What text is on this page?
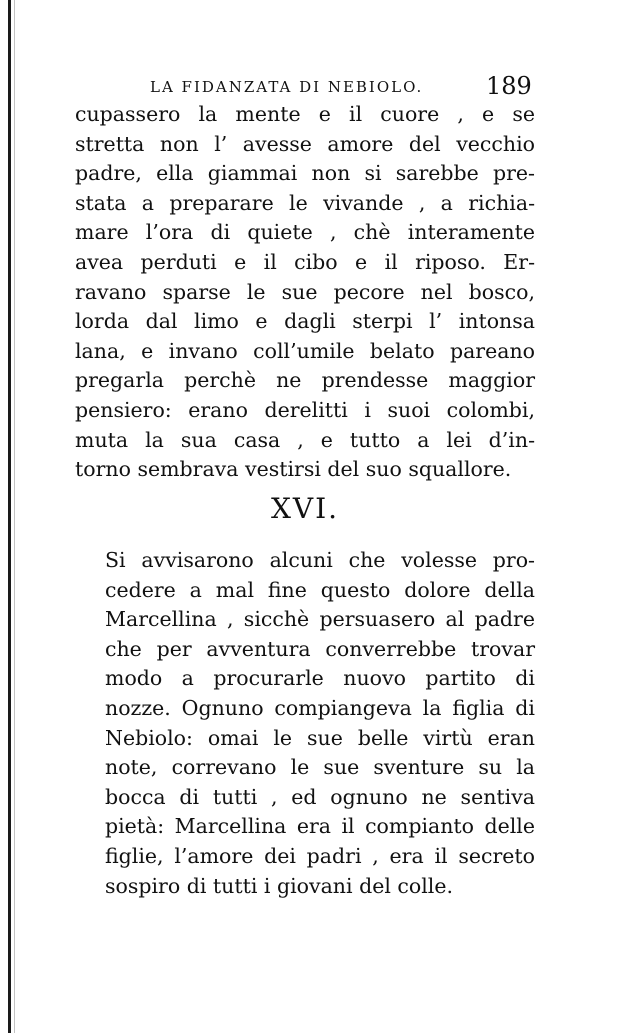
LA FIDANZATA DI NEBIOLO.	189
cupassero la mente e il cuore , e se
stretta non l’ avesse amore del vecchio
padre, ella giammai non si sarebbe pre-
stata a preparare le vivande , a richia-
mare l’ora di quiete , chè interamente
avea perduti e il cibo e il riposo. Er-
ravano sparse le sue pecore nel bosco,
lorda dal limo e dagli sterpi l’ intonsa
lana, e invano coll’umile belato pareano
pregarla perchè ne prendesse maggior
pensiero: erano derelitti i suoi colombi,
muta la sua casa , e tutto a lei d’in-
torno sembrava vestirsi del suo squallore.
XVI.
Si avvisarono alcuni che volesse pro-
cedere a mal fine questo dolore della
Marcellina , sicchè persuasero al padre
che per avventura converrebbe trovar
modo a procurarle nuovo partito di
nozze. Ognuno compiangeva la figlia di
Nebiolo: omai le sue belle virtù eran
note, correvano le sue sventure su la
bocca di tutti , ed ognuno ne sentiva
pietà: Marcellina era il compianto delle
figlie, l’amore dei padri , era il secreto
sospiro di tutti i giovani del colle.
